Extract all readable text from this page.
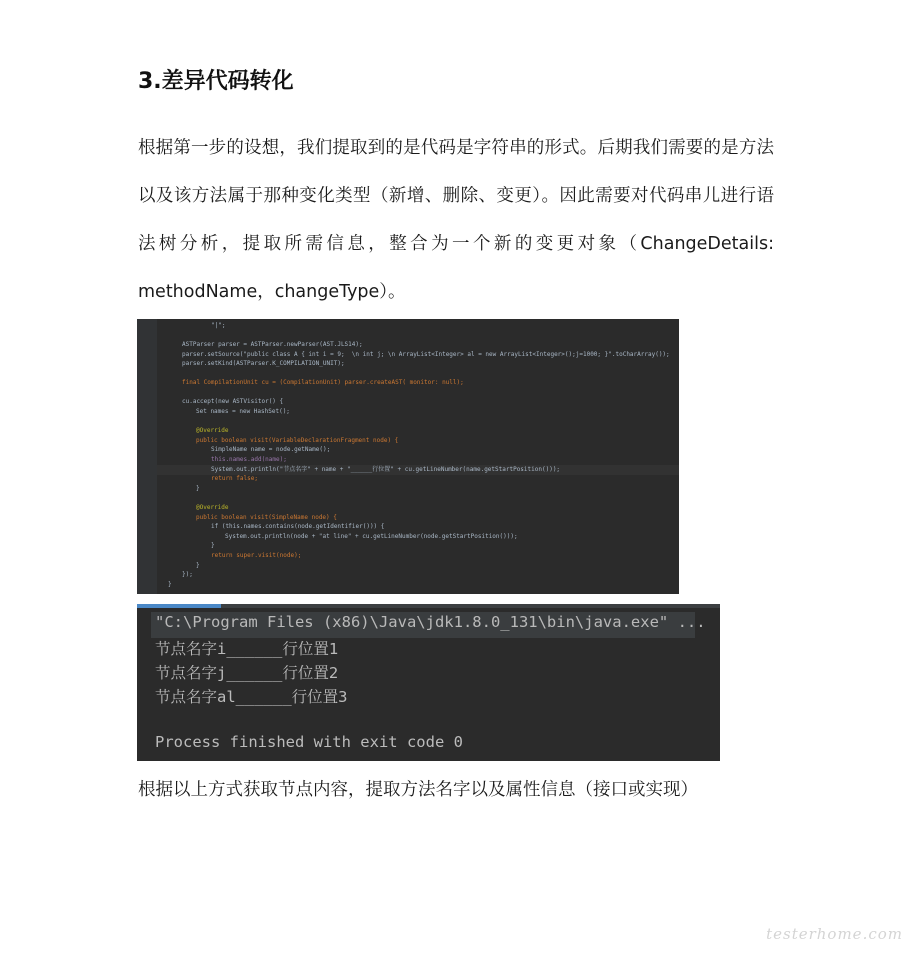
3.差异代码转化

根据第一步的设想，我们提取到的是代码是字符串的形式。后期我们需要的是方法以及该方法属于那种变化类型（新增、删除、变更）。因此需要对代码串儿进行语法树分析，提取所需信息，整合为一个新的变更对象（ChangeDetails: methodName，changeType）。

"|";
ASTParser parser = ASTParser.newParser(AST.JLS14);
parser.setSource("public class A { int i = 9;  \n int j; \n ArrayList<Integer> al = new ArrayList<Integer>();j=1000; }".toCharArray());
parser.setKind(ASTParser.K_COMPILATION_UNIT);
final CompilationUnit cu = (CompilationUnit) parser.createAST( monitor: null);
cu.accept(new ASTVisitor() {
Set names = new HashSet();
@Override
public boolean visit(VariableDeclarationFragment node) {
SimpleName name = node.getName();
this.names.add(name);
System.out.println("节点名字" + name + "______行位置" + cu.getLineNumber(name.getStartPosition()));
return false;
}
@Override
public boolean visit(SimpleName node) {
if (this.names.contains(node.getIdentifier())) {
System.out.println(node + "at line" + cu.getLineNumber(node.getStartPosition()));
}
return super.visit(node);
}
});
}
"C:\Program Files (x86)\Java\jdk1.8.0_131\bin\java.exe" ...
节点名字i______行位置1
节点名字j______行位置2
节点名字al______行位置3
Process finished with exit code 0

根据以上方式获取节点内容，提取方法名字以及属性信息（接口或实现）

testerhome.com
